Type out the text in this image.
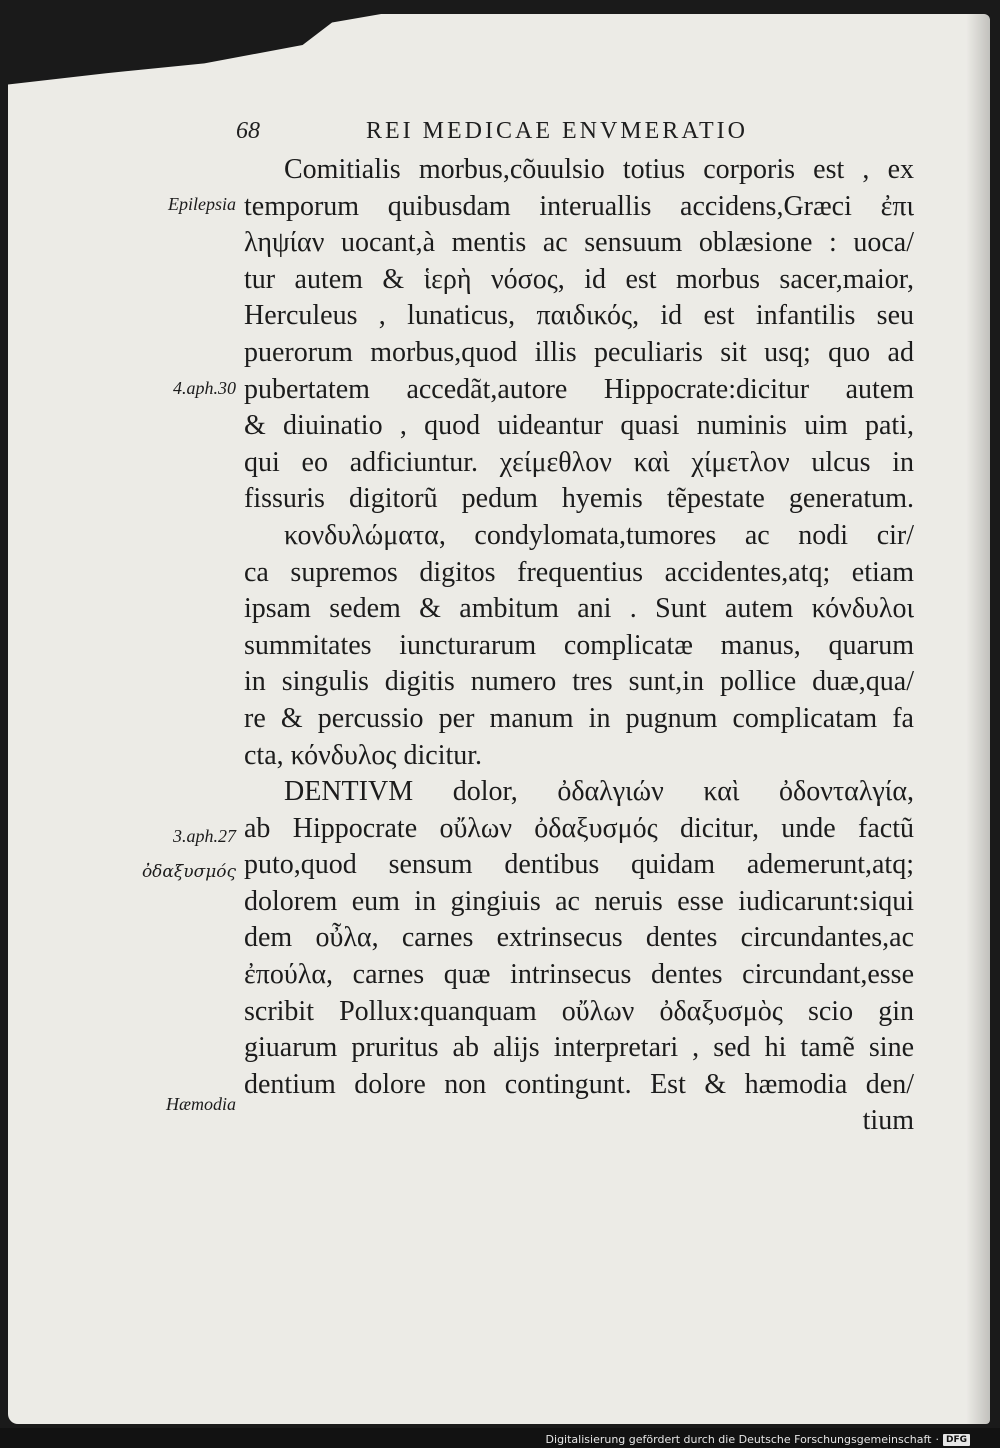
68	REI MEDICAE ENVMERATIO
Epilepsia
4.aph.30
3.aph.27
ὀδαξυσμός
Hæmodia
Comitialis morbus,cõuulsio totius corporis est , ex
temporum quibusdam interuallis accidens,Græci ἐπι
ληψίαν uocant,à mentis ac sensuum oblæsione : uoca/
tur autem & ἱερὴ νόσος, id est morbus sacer,maior,
Herculeus , lunaticus, παιδικός, id est infantilis seu
puerorum morbus,quod illis peculiaris sit usq; quo ad
pubertatem accedãt,autore Hippocrate:dicitur autem
& diuinatio , quod uideantur quasi numinis uim pati,
qui eo adficiuntur. χείμεθλον καὶ χίμετλον ulcus in
fissuris digitorũ pedum hyemis tẽpestate generatum.
κονδυλώματα, condylomata,tumores ac nodi cir/
ca supremos digitos frequentius accidentes,atq; etiam
ipsam sedem & ambitum ani . Sunt autem κόνδυλοι
summitates iuncturarum complicatæ manus, quarum
in singulis digitis numero tres sunt,in pollice duæ,qua/
re & percussio per manum in pugnum complicatam fa
cta, κόνδυλος dicitur.
DENTIVM dolor, ὀδαλγιών καὶ ὀδονταλγία,
ab Hippocrate οὔλων ὀδαξυσμός dicitur, unde factũ
puto,quod sensum dentibus quidam ademerunt,atq;
dolorem eum in gingiuis ac neruis esse iudicarunt:siqui
dem οὖλα, carnes extrinsecus dentes circundantes,ac
ἐπούλα, carnes quæ intrinsecus dentes circundant,esse
scribit Pollux:quanquam οὔλων ὀδαξυσμὸς scio gin
giuarum pruritus ab alijs interpretari , sed hi tamẽ sine
dentium dolore non contingunt. Est & hæmodia den/
tium
Digitalisierung gefördert durch die Deutsche Forschungsgemeinschaft · DFG
